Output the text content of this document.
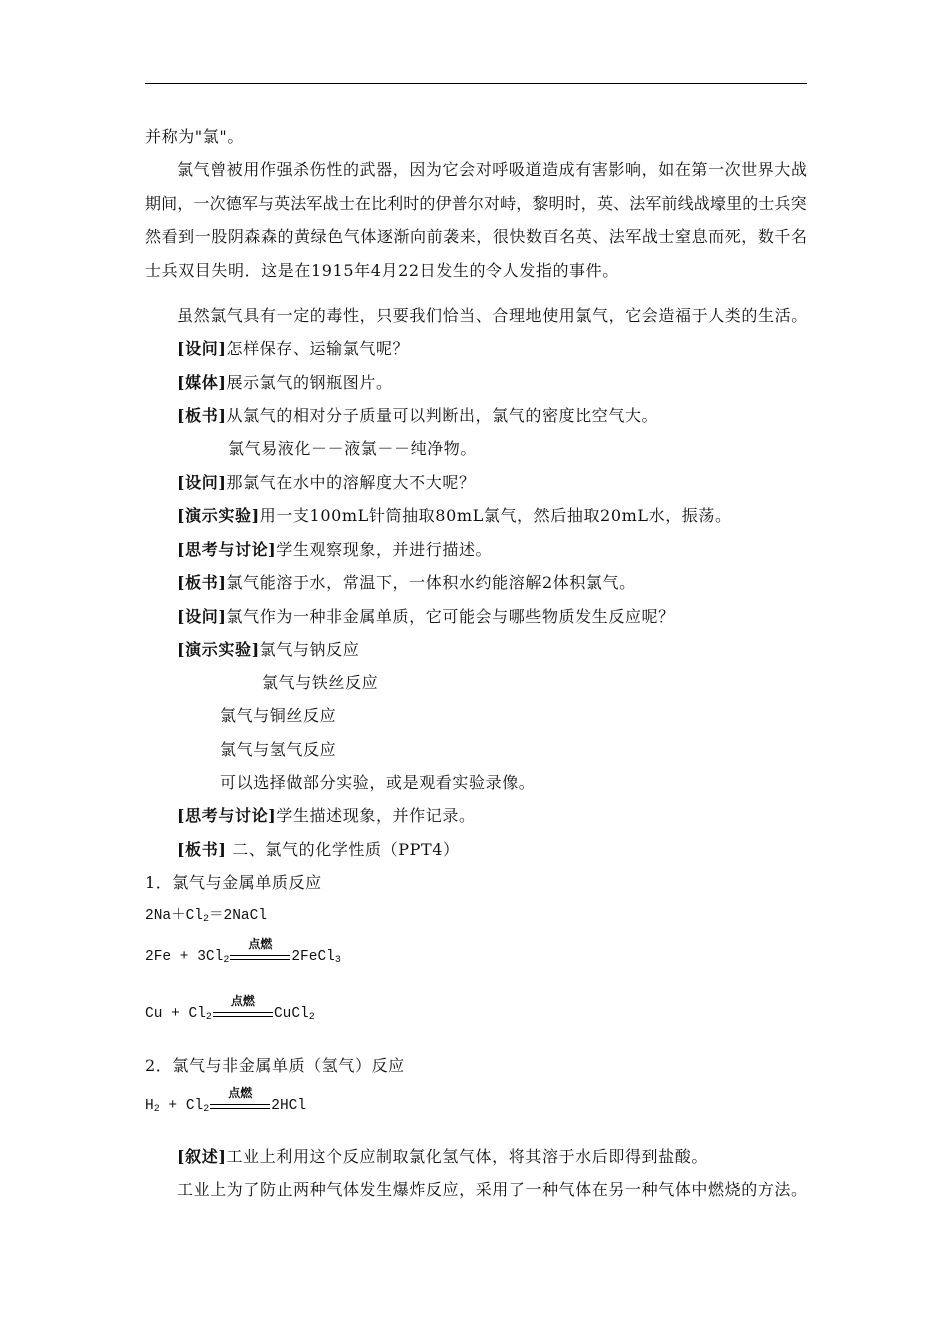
并称为"氯"。
氯 气 曾 被 用 作 强 杀 伤 性 的 武 器 ， 因 为 它 会 对 呼 吸 道 造 成 有 害 影 响 ， 如 在 第 一 次 世 界 大 战
期 间 ， 一 次 德 军 与 英 法 军 战 士 在 比 利 时 的 伊 普 尔 对 峙 ， 黎 明 时 ， 英 、 法 军 前 线 战 壕 里 的 士 兵 突
然 看 到 一 股 阴 森 森 的 黄 绿 色 气 体 逐 渐 向 前 袭 来 ， 很 快 数 百 名 英 、 法 军 战 士 窒 息 而 死 ， 数 千 名
士兵双目失明．这是在1915年4月22日发生的令人发指的事件。
虽然氯气具有一定的毒性，只要我们恰当、合理地使用氯气，它会造福于人类的生活。
[设问]怎样保存、运输氯气呢？
[媒体]展示氯气的钢瓶图片。
[板书]从氯气的相对分子质量可以判断出，氯气的密度比空气大。
氯气易液化－－液氯－－纯净物。
[设问]那氯气在水中的溶解度大不大呢？
[演示实验]用一支100mL针筒抽取80mL氯气，然后抽取20mL水，振荡。
[思考与讨论]学生观察现象，并进行描述。
[板书]氯气能溶于水，常温下，一体积水约能溶解2体积氯气。
[设问]氯气作为一种非金属单质，它可能会与哪些物质发生反应呢？
[演示实验]氯气与钠反应
氯气与铁丝反应
氯气与铜丝反应
氯气与氢气反应
可以选择做部分实验，或是观看实验录像。
[思考与讨论]学生描述现象，并作记录。
[板书] 二、氯气的化学性质（PPT4）
1．氯气与金属单质反应
$2Na+Cl_2=2NaCl$
$2Fe + 3Cl_2$
点燃
2FeCl$_3$
$Cu + Cl_2$
点燃
CuCl$_2$
2．氯气与非金属单质（氢气）反应
$H_2 + Cl_2$
点燃
2HCl
[叙述]工业上利用这个反应制取氯化氢气体，将其溶于水后即得到盐酸。
工 业 上 为 了 防 止 两 种 气 体 发 生 爆 炸 反 应 ， 采 用 了 一 种 气 体 在 另 一 种 气 体 中 燃 烧 的 方 法 。
